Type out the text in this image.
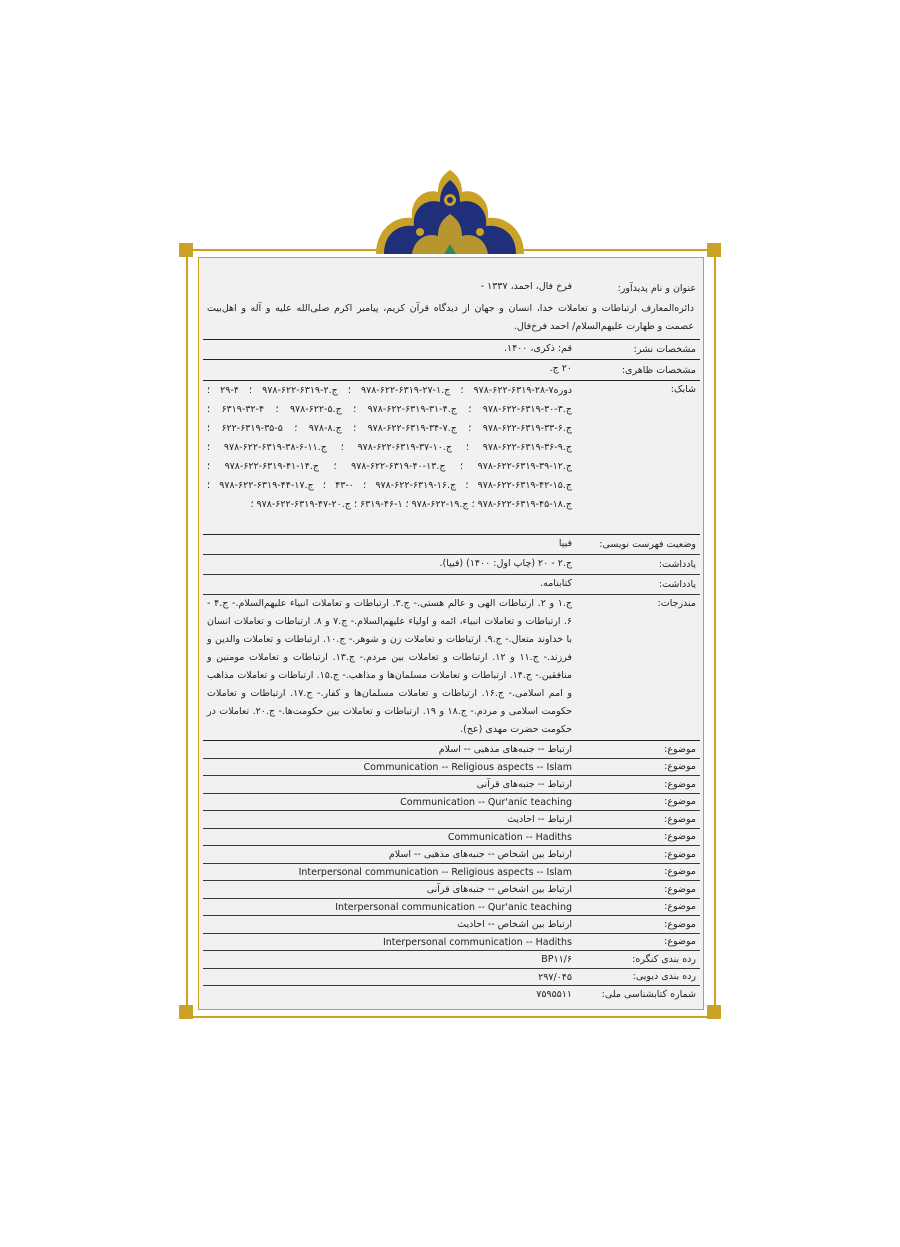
عنوان و نام پدیدآور:
فرخ فال، احمد، ۱۳۳۷ -
دائره‌المعارف ارتباطات و تعاملات خدا، انسان و جهان از دیدگاه قرآن کریم، پیامبر اکرم صلی‌الله علیه و آله و اهل‌بیت عصمت و طهارت علیهم‌السلام/ احمد فرخ‌فال.
مشخصات نشر:
قم: ذکری، ۱۴۰۰.
مشخصات ظاهری:
۲۰ ج.
شابک:
دوره۷-۲۸-۶۳۱۹-۶۲۲-۹۷۸ ؛ ج.۱-۲۷-۶۳۱۹-۶۲۲-۹۷۸ ؛ ج.۲-۶۳۱۹-۶۲۲-۹۷۸ ؛ ۴-۲۹ ؛ ج.۳-۳۰-۶۳۱۹-۶۲۲-۹۷۸ ؛ ج.۴-۳۱-۶۳۱۹-۶۲۲-۹۷۸ ؛ ج.۵-۶۲۲-۹۷۸ ؛ ۴-۳۲-۶۳۱۹ ؛ ج.۶-۳۳-۶۳۱۹-۶۲۲-۹۷۸ ؛ ج.۷-۳۴-۶۳۱۹-۶۲۲-۹۷۸ ؛ ج.۸-۹۷۸ ؛ ۵-۳۵-۶۳۱۹-۶۲۲ ؛ ج.۹-۳۶-۶۳۱۹-۶۲۲-۹۷۸ ؛ ج.۱۰-۳۷-۶۳۱۹-۶۲۲-۹۷۸ ؛ ج.۱۱-۶-۳۸-۶۳۱۹-۶۲۲-۹۷۸ ؛ ج.۱۲-۳۹-۶۳۱۹-۶۲۲-۹۷۸ ؛ ج.۱۳-۴۰-۶۳۱۹-۶۲۲-۹۷۸ ؛ ج.۱۴-۴۱-۶۳۱۹-۶۲۲-۹۷۸ ؛ ج.۱۵-۴۲-۶۳۱۹-۶۲۲-۹۷۸ ؛ ج.۱۶-۶۳۱۹-۶۲۲-۹۷۸ ؛ ۰-۴۳ ؛ ج.۱۷-۴۴-۶۳۱۹-۶۲۲-۹۷۸ ؛ ج.۱۸-۴۵-۶۳۱۹-۶۲۲-۹۷۸ ؛ ج.۱۹-۶۲۲-۹۷۸ ؛ ۱-۴۶-۶۳۱۹ ؛ ج.۲۰-۴۷-۶۳۱۹-۶۲۲-۹۷۸ ؛
وضعیت فهرست نویسی:
فیپا
یادداشت:
ج.۲ - ۲۰ (چاپ اول: ۱۴۰۰) (فیپا).
یادداشت:
کتابنامه.
مندرجات:
ج.۱ و ۲. ارتباطات الهی و عالم هستی.- ج.۳. ارتباطات و تعاملات انبیاء علیهم‌السلام.- ج.۴ - ۶. ارتباطات و تعاملات انبیاء، ائمه و اولیاء علیهم‌السلام.- ج.۷ و ۸. ارتباطات و تعاملات انسان با خداوند متعال.- ج.۹. ارتباطات و تعاملات زن و شوهر.- ج.۱۰. ارتباطات و تعاملات والدین و فرزند.- ج.۱۱ و ۱۲. ارتباطات و تعاملات بین مردم.- ج.۱۳. ارتباطات و تعاملات مومنین و منافقین.- ج.۱۴. ارتباطات و تعاملات مسلمان‌ها و مذاهب.- ج.۱۵. ارتباطات و تعاملات مذاهب و امم اسلامی.- ج.۱۶. ارتباطات و تعاملات مسلمان‌ها و کفار.- ج.۱۷. ارتباطات و تعاملات حکومت اسلامی و مردم.- ج.۱۸ و ۱۹. ارتباطات و تعاملات بین حکومت‌ها.- ج.۲۰. تعاملات در حکومت حضرت مهدی (عج).
موضوع:
ارتباط -- جنبه‌های مذهبی -- اسلام
موضوع:
Communication -- Religious aspects -- Islam
موضوع:
ارتباط -- جنبه‌های قرآنی
موضوع:
Communication -- Qur'anic teaching
موضوع:
ارتباط -- احادیث
موضوع:
Communication -- Hadiths
موضوع:
ارتباط بین اشخاص -- جنبه‌های مذهبی -- اسلام
موضوع:
Interpersonal communication -- Religious aspects -- Islam
موضوع:
ارتباط بین اشخاص -- جنبه‌های قرآنی
موضوع:
Interpersonal communication -- Qur'anic teaching
موضوع:
ارتباط بین اشخاص -- احادیث
موضوع:
Interpersonal communication -- Hadiths
رده بندی کنگره:
BP۱۱/۶
رده بندی دیویی:
۲۹۷/۰۴۵
شماره کتابشناسی ملی:
۷۵۹۵۵۱۱
